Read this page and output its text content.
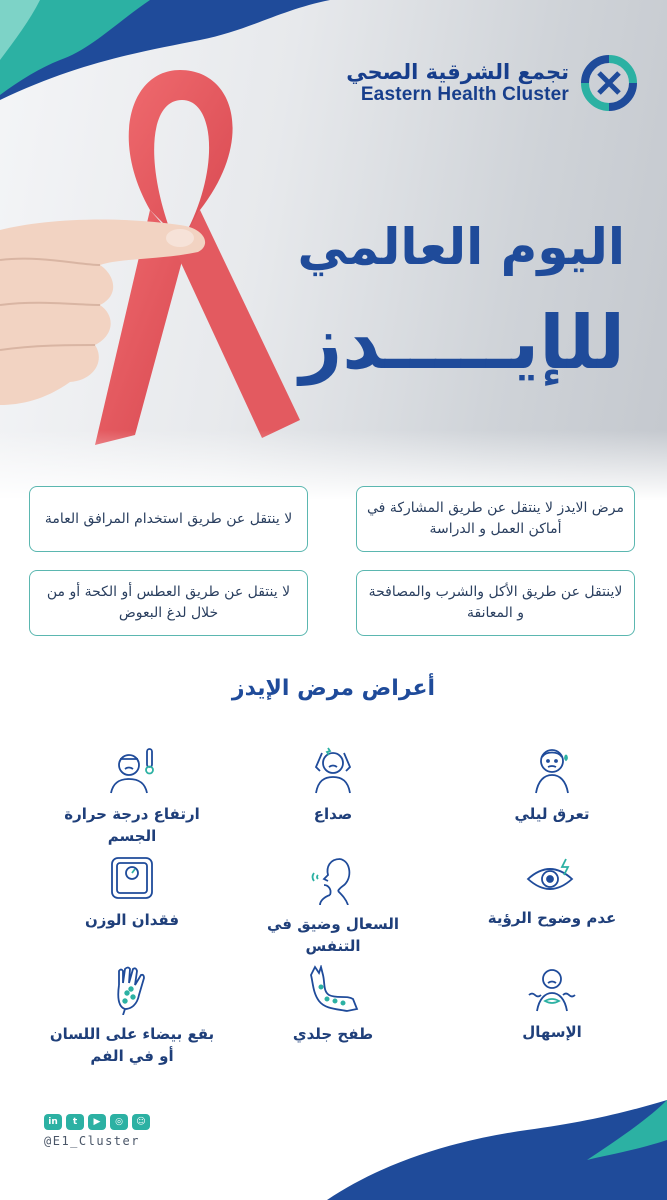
تجمع الشرقية الصحي
Eastern Health Cluster
اليوم العالمي
للإيـــــدز
مرض الايدز لا ينتقل عن طريق المشاركة في أماكن العمل و الدراسة
لا ينتقل عن طريق استخدام المرافق العامة
لاينتقل عن طريق الأكل والشرب والمصافحة و المعانقة
لا ينتقل عن طريق العطس أو الكحة أو من خلال لدغ البعوض
أعراض مرض الإيدز
تعرق ليلي
صداع
ارتفاع درجة حرارة الجسم
عدم وضوح الرؤية
السعال وضيق في التنفس
فقدان الوزن
الإسهال
طفح جلدي
بقع بيضاء على اللسان أو في الفم
in	t	▶	◎	☺
@E1_Cluster
